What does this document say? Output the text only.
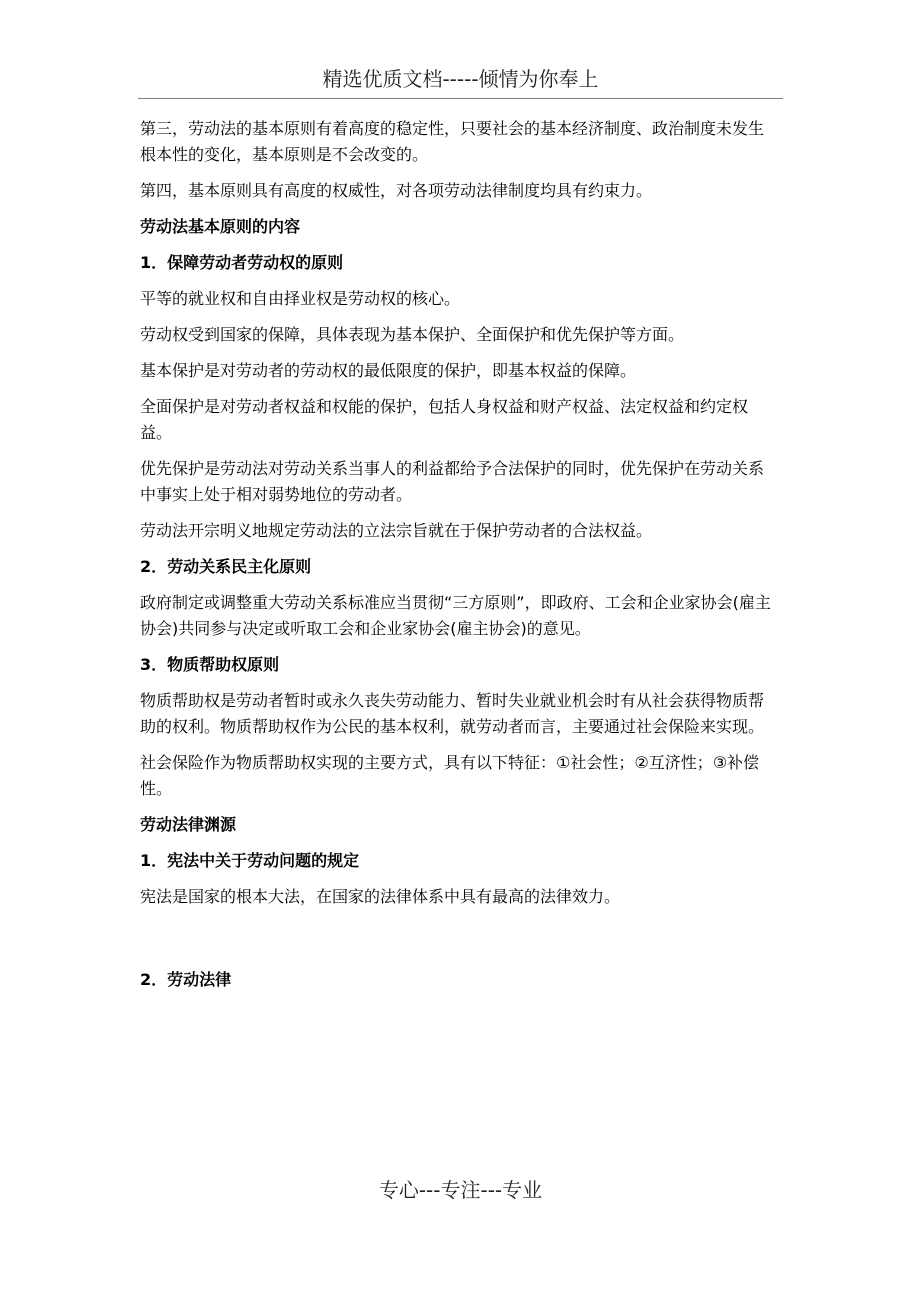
精选优质文档-----倾情为你奉上

第三，劳动法的基本原则有着高度的稳定性，只要社会的基本经济制度、政治制度未发生根本性的变化，基本原则是不会改变的。

第四，基本原则具有高度的权威性，对各项劳动法律制度均具有约束力。

劳动法基本原则的内容

1．保障劳动者劳动权的原则

平等的就业权和自由择业权是劳动权的核心。

劳动权受到国家的保障，具体表现为基本保护、全面保护和优先保护等方面。

基本保护是对劳动者的劳动权的最低限度的保护，即基本权益的保障。

全面保护是对劳动者权益和权能的保护，包括人身权益和财产权益、法定权益和约定权益。

优先保护是劳动法对劳动关系当事人的利益都给予合法保护的同时，优先保护在劳动关系中事实上处于相对弱势地位的劳动者。

劳动法开宗明义地规定劳动法的立法宗旨就在于保护劳动者的合法权益。

2．劳动关系民主化原则

政府制定或调整重大劳动关系标准应当贯彻“三方原则”，即政府、工会和企业家协会(雇主协会)共同参与决定或听取工会和企业家协会(雇主协会)的意见。

3．物质帮助权原则

物质帮助权是劳动者暂时或永久丧失劳动能力、暂时失业就业机会时有从社会获得物质帮助的权利。物质帮助权作为公民的基本权利，就劳动者而言，主要通过社会保险来实现。

社会保险作为物质帮助权实现的主要方式，具有以下特征：①社会性；②互济性；③补偿性。

劳动法律渊源

1．宪法中关于劳动问题的规定

宪法是国家的根本大法，在国家的法律体系中具有最高的法律效力。

2．劳动法律

专心---专注---专业
